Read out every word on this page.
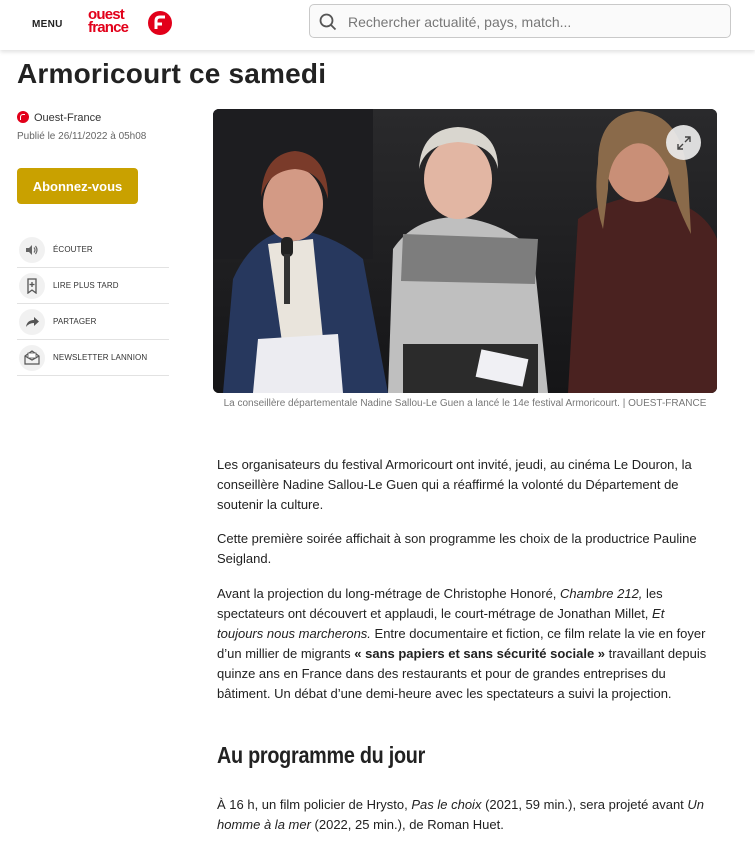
MENU
ouest
france
Rechercher actualité, pays, match...
Armoricourt ce samedi
Ouest-France
Publié le 26/11/2022 à 05h08
Abonnez-vous
ÉCOUTER
LIRE PLUS TARD
PARTAGER
NEWSLETTER LANNION
La conseillère départementale Nadine Sallou-Le Guen a lancé le 14e festival Armoricourt. | OUEST-FRANCE

Les organisateurs du festival Armoricourt ont invité, jeudi, au cinéma Le Douron, la conseillère Nadine Sallou-Le Guen qui a réaffirmé la volonté du Département de soutenir la culture.

Cette première soirée affichait à son programme les choix de la productrice Pauline Seigland.

Avant la projection du long-métrage de Christophe Honoré, Chambre 212, les spectateurs ont découvert et applaudi, le court-métrage de Jonathan Millet, Et toujours nous marcherons. Entre documentaire et fiction, ce film relate la vie en foyer d’un millier de migrants « sans papiers et sans sécurité sociale » travaillant depuis quinze ans en France dans des restaurants et pour de grandes entreprises du bâtiment. Un débat d’une demi-heure avec les spectateurs a suivi la projection.

Au programme du jour

À 16 h, un film policier de Hrysto, Pas le choix (2021, 59 min.), sera projeté avant Un homme à la mer (2022, 25 min.), de Roman Huet.
